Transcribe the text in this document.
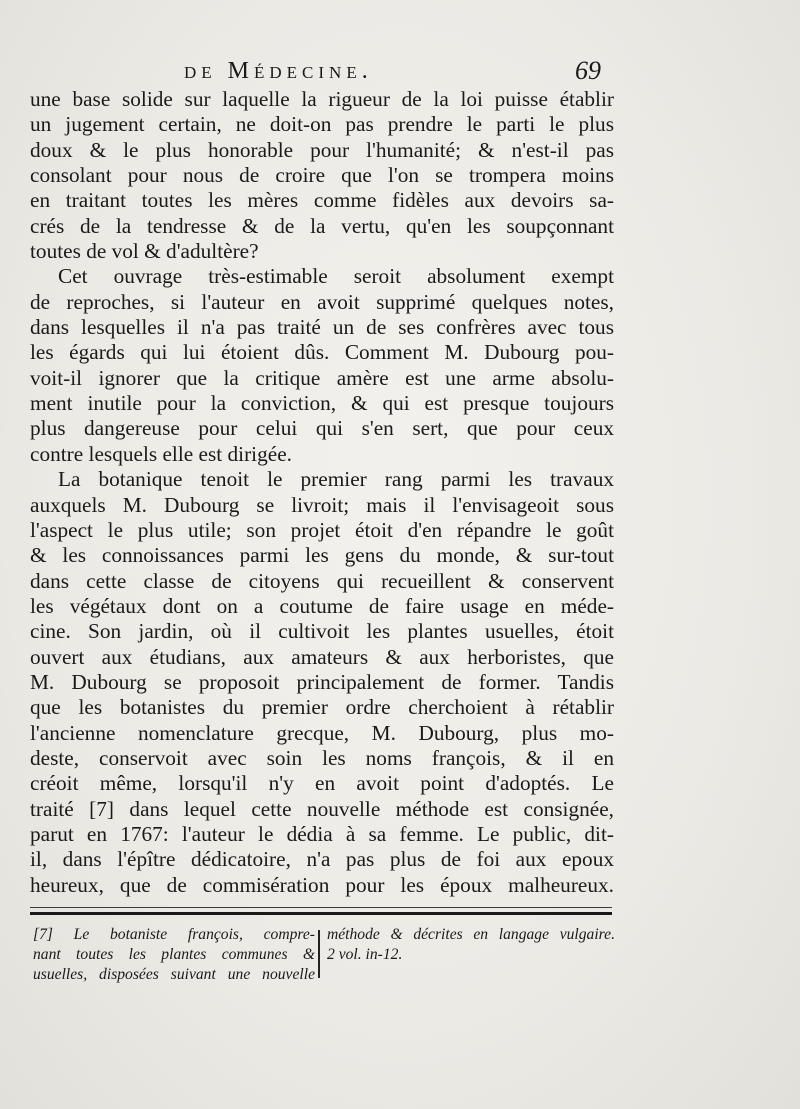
de Médecine.	69
une base solide sur laquelle la rigueur de la loi puisse établir
un jugement certain, ne doit-on pas prendre le parti le plus
doux & le plus honorable pour l'humanité; & n'est-il pas
consolant pour nous de croire que l'on se trompera moins
en traitant toutes les mères comme fidèles aux devoirs sa-
crés de la tendresse & de la vertu, qu'en les soupçonnant
toutes de vol & d'adultère?
Cet ouvrage très-estimable seroit absolument exempt
de reproches, si l'auteur en avoit supprimé quelques notes,
dans lesquelles il n'a pas traité un de ses confrères avec tous
les égards qui lui étoient dûs. Comment M. Dubourg pou-
voit-il ignorer que la critique amère est une arme absolu-
ment inutile pour la conviction, & qui est presque toujours
plus dangereuse pour celui qui s'en sert, que pour ceux
contre lesquels elle est dirigée.
La botanique tenoit le premier rang parmi les travaux
auxquels M. Dubourg se livroit; mais il l'envisageoit sous
l'aspect le plus utile; son projet étoit d'en répandre le goût
& les connoissances parmi les gens du monde, & sur-tout
dans cette classe de citoyens qui recueillent & conservent
les végétaux dont on a coutume de faire usage en méde-
cine. Son jardin, où il cultivoit les plantes usuelles, étoit
ouvert aux étudians, aux amateurs & aux herboristes, que
M. Dubourg se proposoit principalement de former. Tandis
que les botanistes du premier ordre cherchoient à rétablir
l'ancienne nomenclature grecque, M. Dubourg, plus mo-
deste, conservoit avec soin les noms françois, & il en
créoit même, lorsqu'il n'y en avoit point d'adoptés. Le
traité [7] dans lequel cette nouvelle méthode est consignée,
parut en 1767: l'auteur le dédia à sa femme. Le public, dit-
il, dans l'épître dédicatoire, n'a pas plus de foi aux epoux
heureux, que de commisération pour les époux malheureux.
[7] Le botaniste françois, compre-
nant toutes les plantes communes &
usuelles, disposées suivant une nouvelle
méthode & décrites en langage vulgaire.
2 vol. in-12.
